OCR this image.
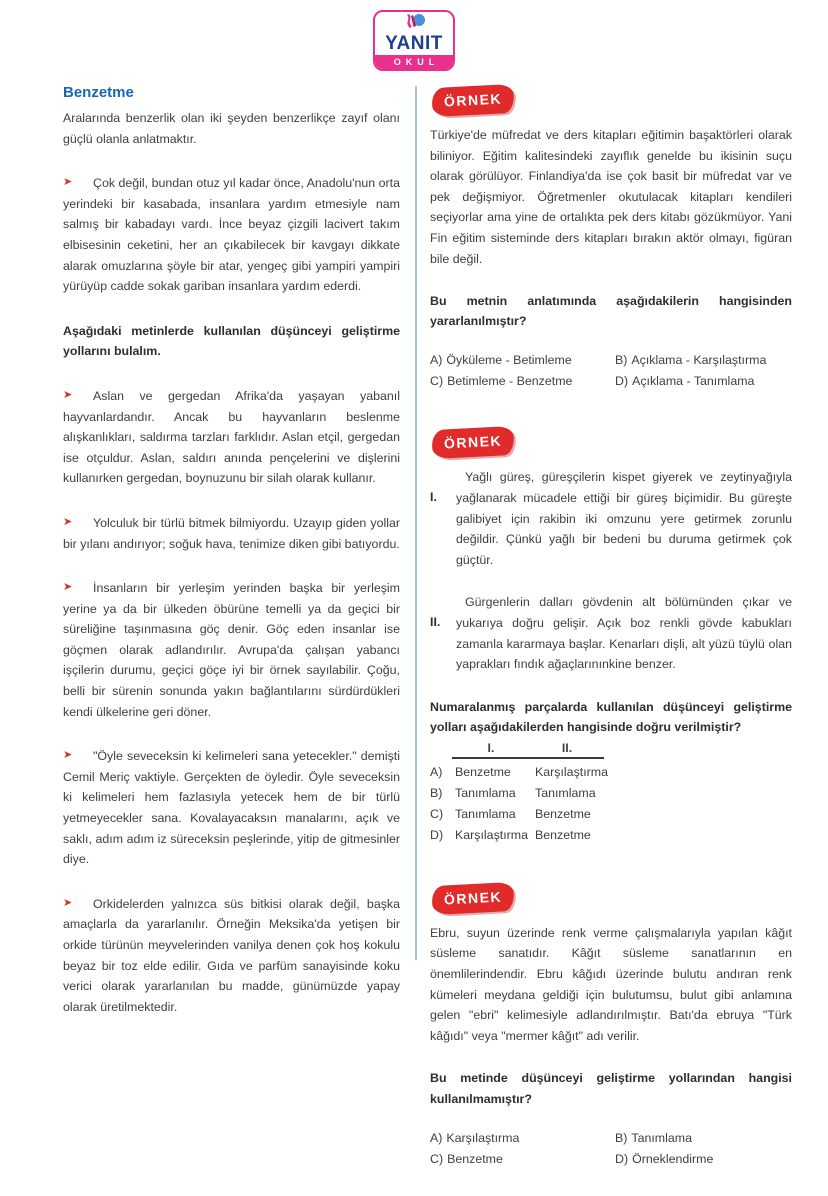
YANIT
OKUL
Benzetme

Aralarında benzerlik olan iki şeyden benzerlikçe zayıf olanı güçlü olanla anlatmaktır.

➤ Çok değil, bundan otuz yıl kadar önce, Anadolu'nun orta yerindeki bir kasabada, insanlara yardım etmesiyle nam salmış bir kabadayı vardı. İnce beyaz çizgili lacivert takım elbisesinin ceketini, her an çıkabilecek bir kavgayı dikkate alarak omuzlarına şöyle bir atar, yengeç gibi yampiri yampiri yürüyüp cadde sokak gariban insanlara yardım ederdi.

Aşağıdaki metinlerde kullanılan düşünceyi geliştirme yollarını bulalım.

➤ Aslan ve gergedan Afrika'da yaşayan yabanıl hayvanlardandır. Ancak bu hayvanların beslenme alışkanlıkları, saldırma tarzları farklıdır. Aslan etçil, gergedan ise otçuldur. Aslan, saldırı anında pençelerini ve dişlerini kullanırken gergedan, boynuzunu bir silah olarak kullanır.

➤ Yolculuk bir türlü bitmek bilmiyordu. Uzayıp giden yollar bir yılanı andırıyor; soğuk hava, tenimize diken gibi batıyordu.

➤ İnsanların bir yerleşim yerinden başka bir yerleşim yerine ya da bir ülkeden öbürüne temelli ya da geçici bir süreliğine taşınmasına göç denir. Göç eden insanlar ise göçmen olarak adlandırılır. Avrupa'da çalışan yabancı işçilerin durumu, geçici göçe iyi bir örnek sayılabilir. Çoğu, belli bir sürenin sonunda yakın bağlantılarını sürdürdükleri kendi ülkelerine geri döner.

➤ "Öyle seveceksin ki kelimeleri sana yetecekler." demişti Cemil Meriç vaktiyle. Gerçekten de öyledir. Öyle seveceksin ki kelimeleri hem fazlasıyla yetecek hem de bir türlü yetmeyecekler sana. Kovalayacaksın manalarını, açık ve saklı, adım adım iz süreceksin peşlerinde, yitip de gitmesinler diye.

➤ Orkidelerden yalnızca süs bitkisi olarak değil, başka amaçlarla da yararlanılır. Örneğin Meksika'da yetişen bir orkide türünün meyvelerinden vanilya denen çok hoş kokulu beyaz bir toz elde edilir. Gıda ve parfüm sanayisinde koku verici olarak yararlanılan bu madde, günümüzde yapay olarak üretilmektedir.

ÖRNEK

Türkiye'de müfredat ve ders kitapları eğitimin başaktörleri olarak biliniyor. Eğitim kalitesindeki zayıflık genelde bu ikisinin suçu olarak görülüyor. Finlandiya'da ise çok basit bir müfredat var ve pek değişmiyor. Öğretmenler okutulacak kitapları kendileri seçiyorlar ama yine de ortalıkta pek ders kitabı gözükmüyor. Yani Fin eğitim sisteminde ders kitapları bırakın aktör olmayı, figüran bile değil.

Bu metnin anlatımında aşağıdakilerin hangisinden yararlanılmıştır?

A) Öyküleme - Betimleme	B) Açıklama - Karşılaştırma
C) Betimleme - Benzetme	D) Açıklama - Tanımlama
ÖRNEK

I.
Yağlı güreş, güreşçilerin kispet giyerek ve zeytinyağıyla yağlanarak mücadele ettiği bir güreş biçimidir. Bu güreşte galibiyet için rakibin iki omzunu yere getirmek zorunlu değildir. Çünkü yağlı bir bedeni bu duruma getirmek çok güçtür.

II.
Gürgenlerin dalları gövdenin alt bölümünden çıkar ve yukarıya doğru gelişir. Açık boz renkli gövde kabukları zamanla kararmaya başlar. Kenarları dişli, alt yüzü tüylü olan yaprakları fındık ağaçlarınınkine benzer.

Numaralanmış parçalarda kullanılan düşünceyi geliştirme yolları aşağıdakilerden hangisinde doğru verilmiştir?

I.	II.
A)	Benzetme	Karşılaştırma
B)	Tanımlama	Tanımlama
C) Tanımlama	Benzetme
D) Karşılaştırma Benzetme
ÖRNEK

Ebru, suyun üzerinde renk verme çalışmalarıyla yapılan kâğıt süsleme sanatıdır. Kâğıt süsleme sanatlarının en önemlilerindendir. Ebru kâğıdı üzerinde bulutu andıran renk kümeleri meydana geldiği için bulutumsu, bulut gibi anlamına gelen "ebri" kelimesiyle adlandırılmıştır. Batı'da ebruya "Türk kâğıdı" veya "mermer kâğıt" adı verilir.

Bu metinde düşünceyi geliştirme yollarından hangisi kullanılmamıştır?

A) Karşılaştırma	B) Tanımlama
C) Benzetme	D) Örneklendirme
